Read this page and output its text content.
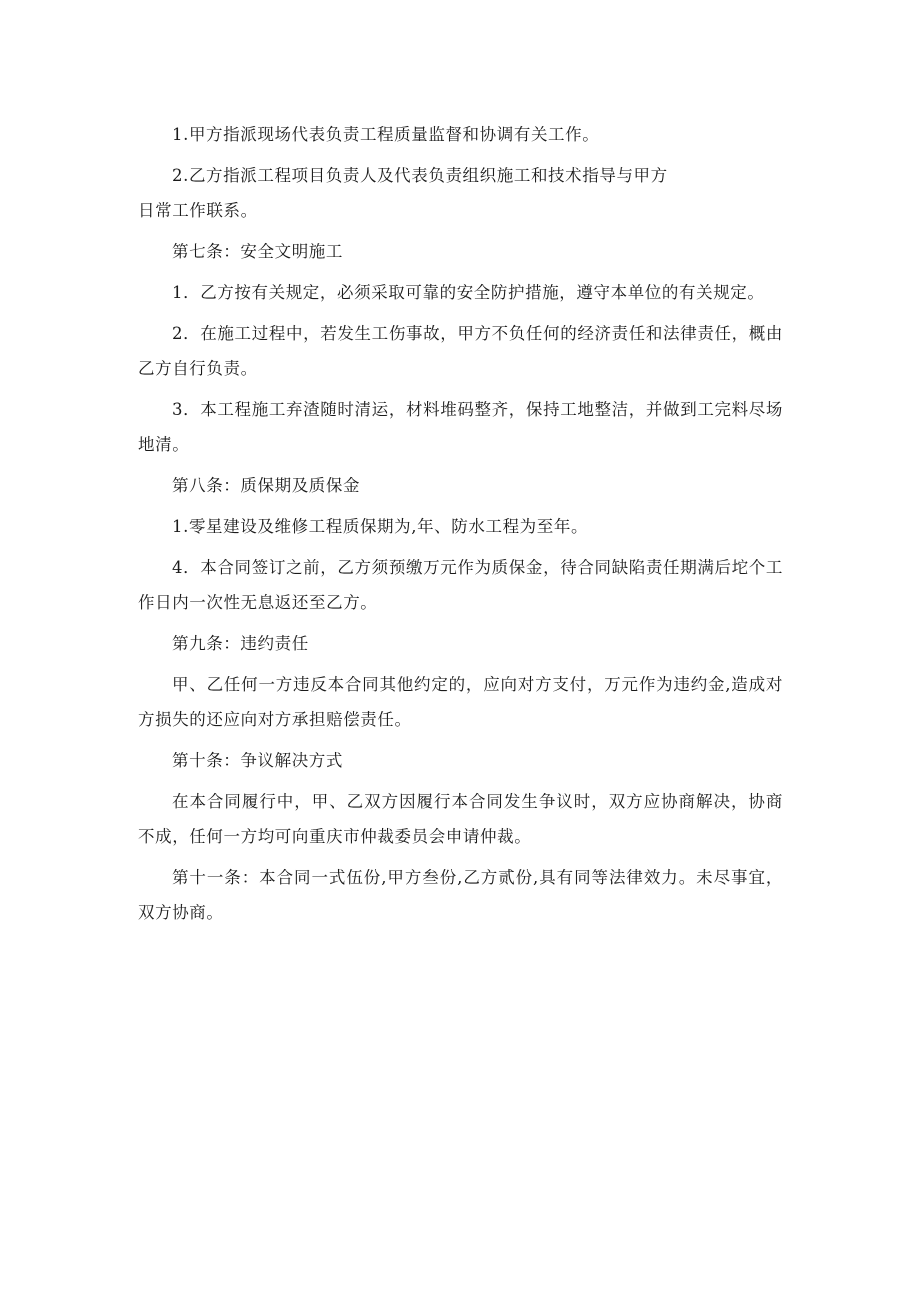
1.甲方指派现场代表负责工程质量监督和协调有关工作。

2.乙方指派工程项目负责人及代表负责组织施工和技术指导与甲方
日常工作联系。

第七条：安全文明施工

1．乙方按有关规定，必须采取可靠的安全防护措施，遵守本单位的有关规定。

2．在施工过程中，若发生工伤事故，甲方不负任何的经济责任和法律责任，概由乙方自行负责。

3．本工程施工弃渣随时清运，材料堆码整齐，保持工地整洁，并做到工完料尽场地清。

第八条：质保期及质保金

1.零星建设及维修工程质保期为,年、防水工程为至年。

4．本合同签订之前，乙方须预缴万元作为质保金，待合同缺陷责任期满后坨个工作日内一次性无息返还至乙方。

第九条：违约责任

甲、乙任何一方违反本合同其他约定的，应向对方支付，万元作为违约金,造成对方损失的还应向对方承担赔偿责任。

第十条：争议解决方式

在本合同履行中，甲、乙双方因履行本合同发生争议时，双方应协商解决，协商不成，任何一方均可向重庆市仲裁委员会申请仲裁。

第十一条：本合同一式伍份,甲方叁份,乙方贰份,具有同等法律效力。未尽事宜，双方协商。
